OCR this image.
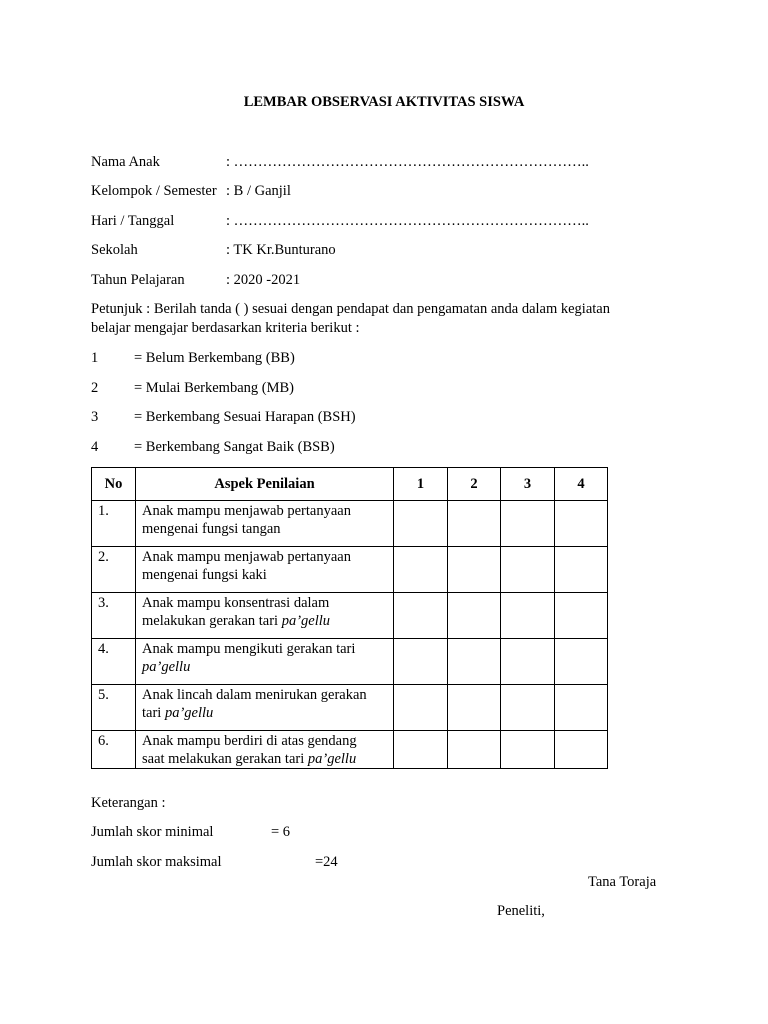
LEMBAR OBSERVASI AKTIVITAS SISWA
Nama Anak	: ………………………………………………………………..
Kelompok / Semester : B / Ganjil
Hari / Tanggal	: ………………………………………………………………..
Sekolah	: TK Kr.Bunturano
Tahun Pelajaran	: 2020 -2021
Petunjuk : Berilah tanda ( ) sesuai dengan pendapat dan pengamatan anda dalam kegiatan belajar mengajar berdasarkan kriteria berikut :
1 = Belum Berkembang (BB)
2 = Mulai Berkembang (MB)
3 = Berkembang Sesuai Harapan (BSH)
4 = Berkembang Sangat Baik (BSB)
No	Aspek Penilaian	1	2	3	4
1.	Anak mampu menjawab pertanyaan
mengenai fungsi tangan				

2.	Anak mampu menjawab pertanyaan
mengenai fungsi kaki				

3.	Anak mampu konsentrasi dalam
melakukan gerakan tari pa’gellu				

4.	Anak mampu mengikuti gerakan tari
pa’gellu				

5.	Anak lincah dalam menirukan gerakan
tari pa’gellu				

6.	Anak mampu berdiri di atas gendang
saat melakukan gerakan tari pa’gellu				

Keterangan :
Jumlah skor minimal	= 6
Jumlah skor maksimal	=24
Tana Toraja
Peneliti,
